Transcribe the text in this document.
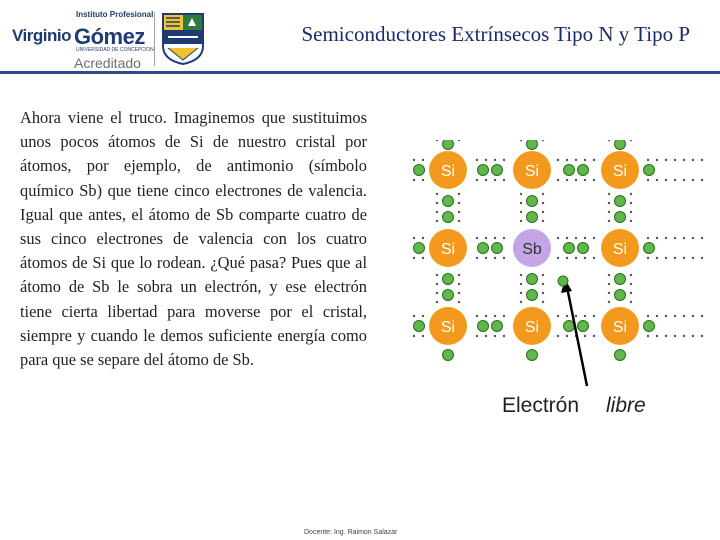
Instituto Profesional
Virginio Gómez
UNIVERSIDAD DE CONCEPCION
Acreditado
Semiconductores Extrínsecos Tipo N y Tipo P
Ahora viene el truco. Imaginemos que sustituimos unos pocos átomos de Si de nuestro cristal por átomos, por ejemplo, de antimonio (símbolo químico Sb) que tiene cinco electrones de valencia. Igual que antes, el átomo de Sb comparte cuatro de sus cinco electrones de valencia con los cuatro átomos de Si que lo rodean. ¿Qué pasa? Pues que al átomo de Sb le sobra un electrón, y ese electrón tiene cierta libertad para moverse por el cristal, siempre y cuando le demos suficiente energía como para que se separe del átomo de Sb.
Si	Si	Si
Si	Sb	Si
Si	Si	Si
Electrón libre
Docente: Ing. Raimon Salazar
